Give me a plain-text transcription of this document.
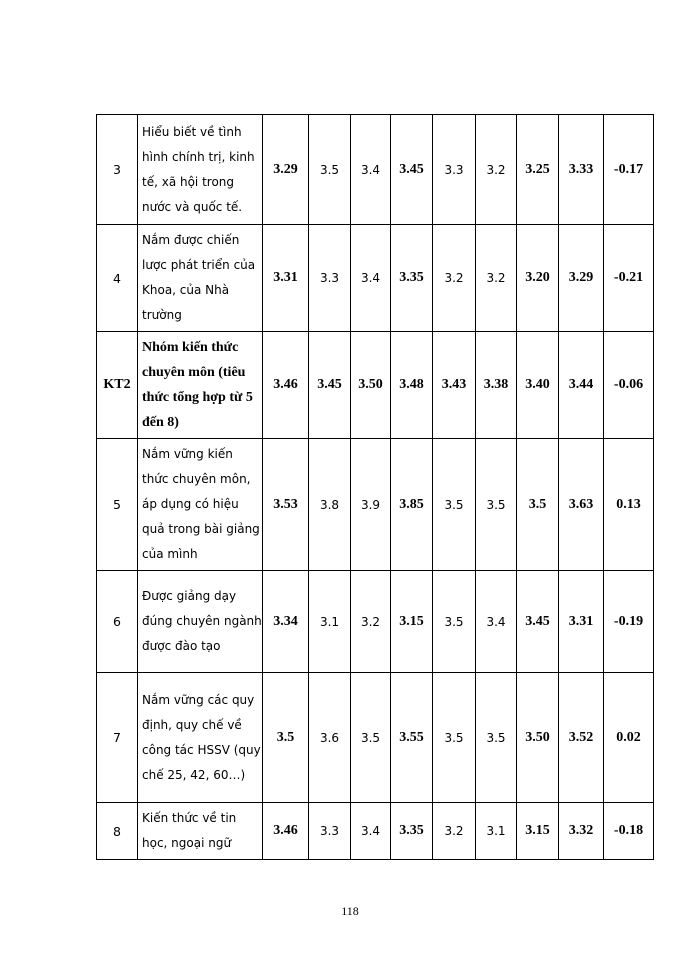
3	Hiểu biết về tình hình chính trị, kinh tế, xã hội trong nước và quốc tế.	3.29	3.5	3.4	3.45	3.3	3.2	3.25	3.33	-0.17
4	Nắm được chiến lược phát triển của Khoa, của Nhà trường	3.31	3.3	3.4	3.35	3.2	3.2	3.20	3.29	-0.21
KT2	Nhóm kiến thức chuyên môn (tiêu thức tổng hợp từ 5 đến 8)	3.46	3.45	3.50	3.48	3.43	3.38	3.40	3.44	-0.06
5	Nắm vững kiến thức chuyên môn, áp dụng có hiệu quả trong bài giảng của mình	3.53	3.8	3.9	3.85	3.5	3.5	3.5	3.63	0.13
6	Được giảng dạy đúng chuyên ngành được đào tạo	3.34	3.1	3.2	3.15	3.5	3.4	3.45	3.31	-0.19
7	Nắm vững các quy định, quy chế về công tác HSSV (quy chế 25, 42, 60…)	3.5	3.6	3.5	3.55	3.5	3.5	3.50	3.52	0.02
8	Kiến thức về tin học, ngoại ngữ	3.46	3.3	3.4	3.35	3.2	3.1	3.15	3.32	-0.18
118
